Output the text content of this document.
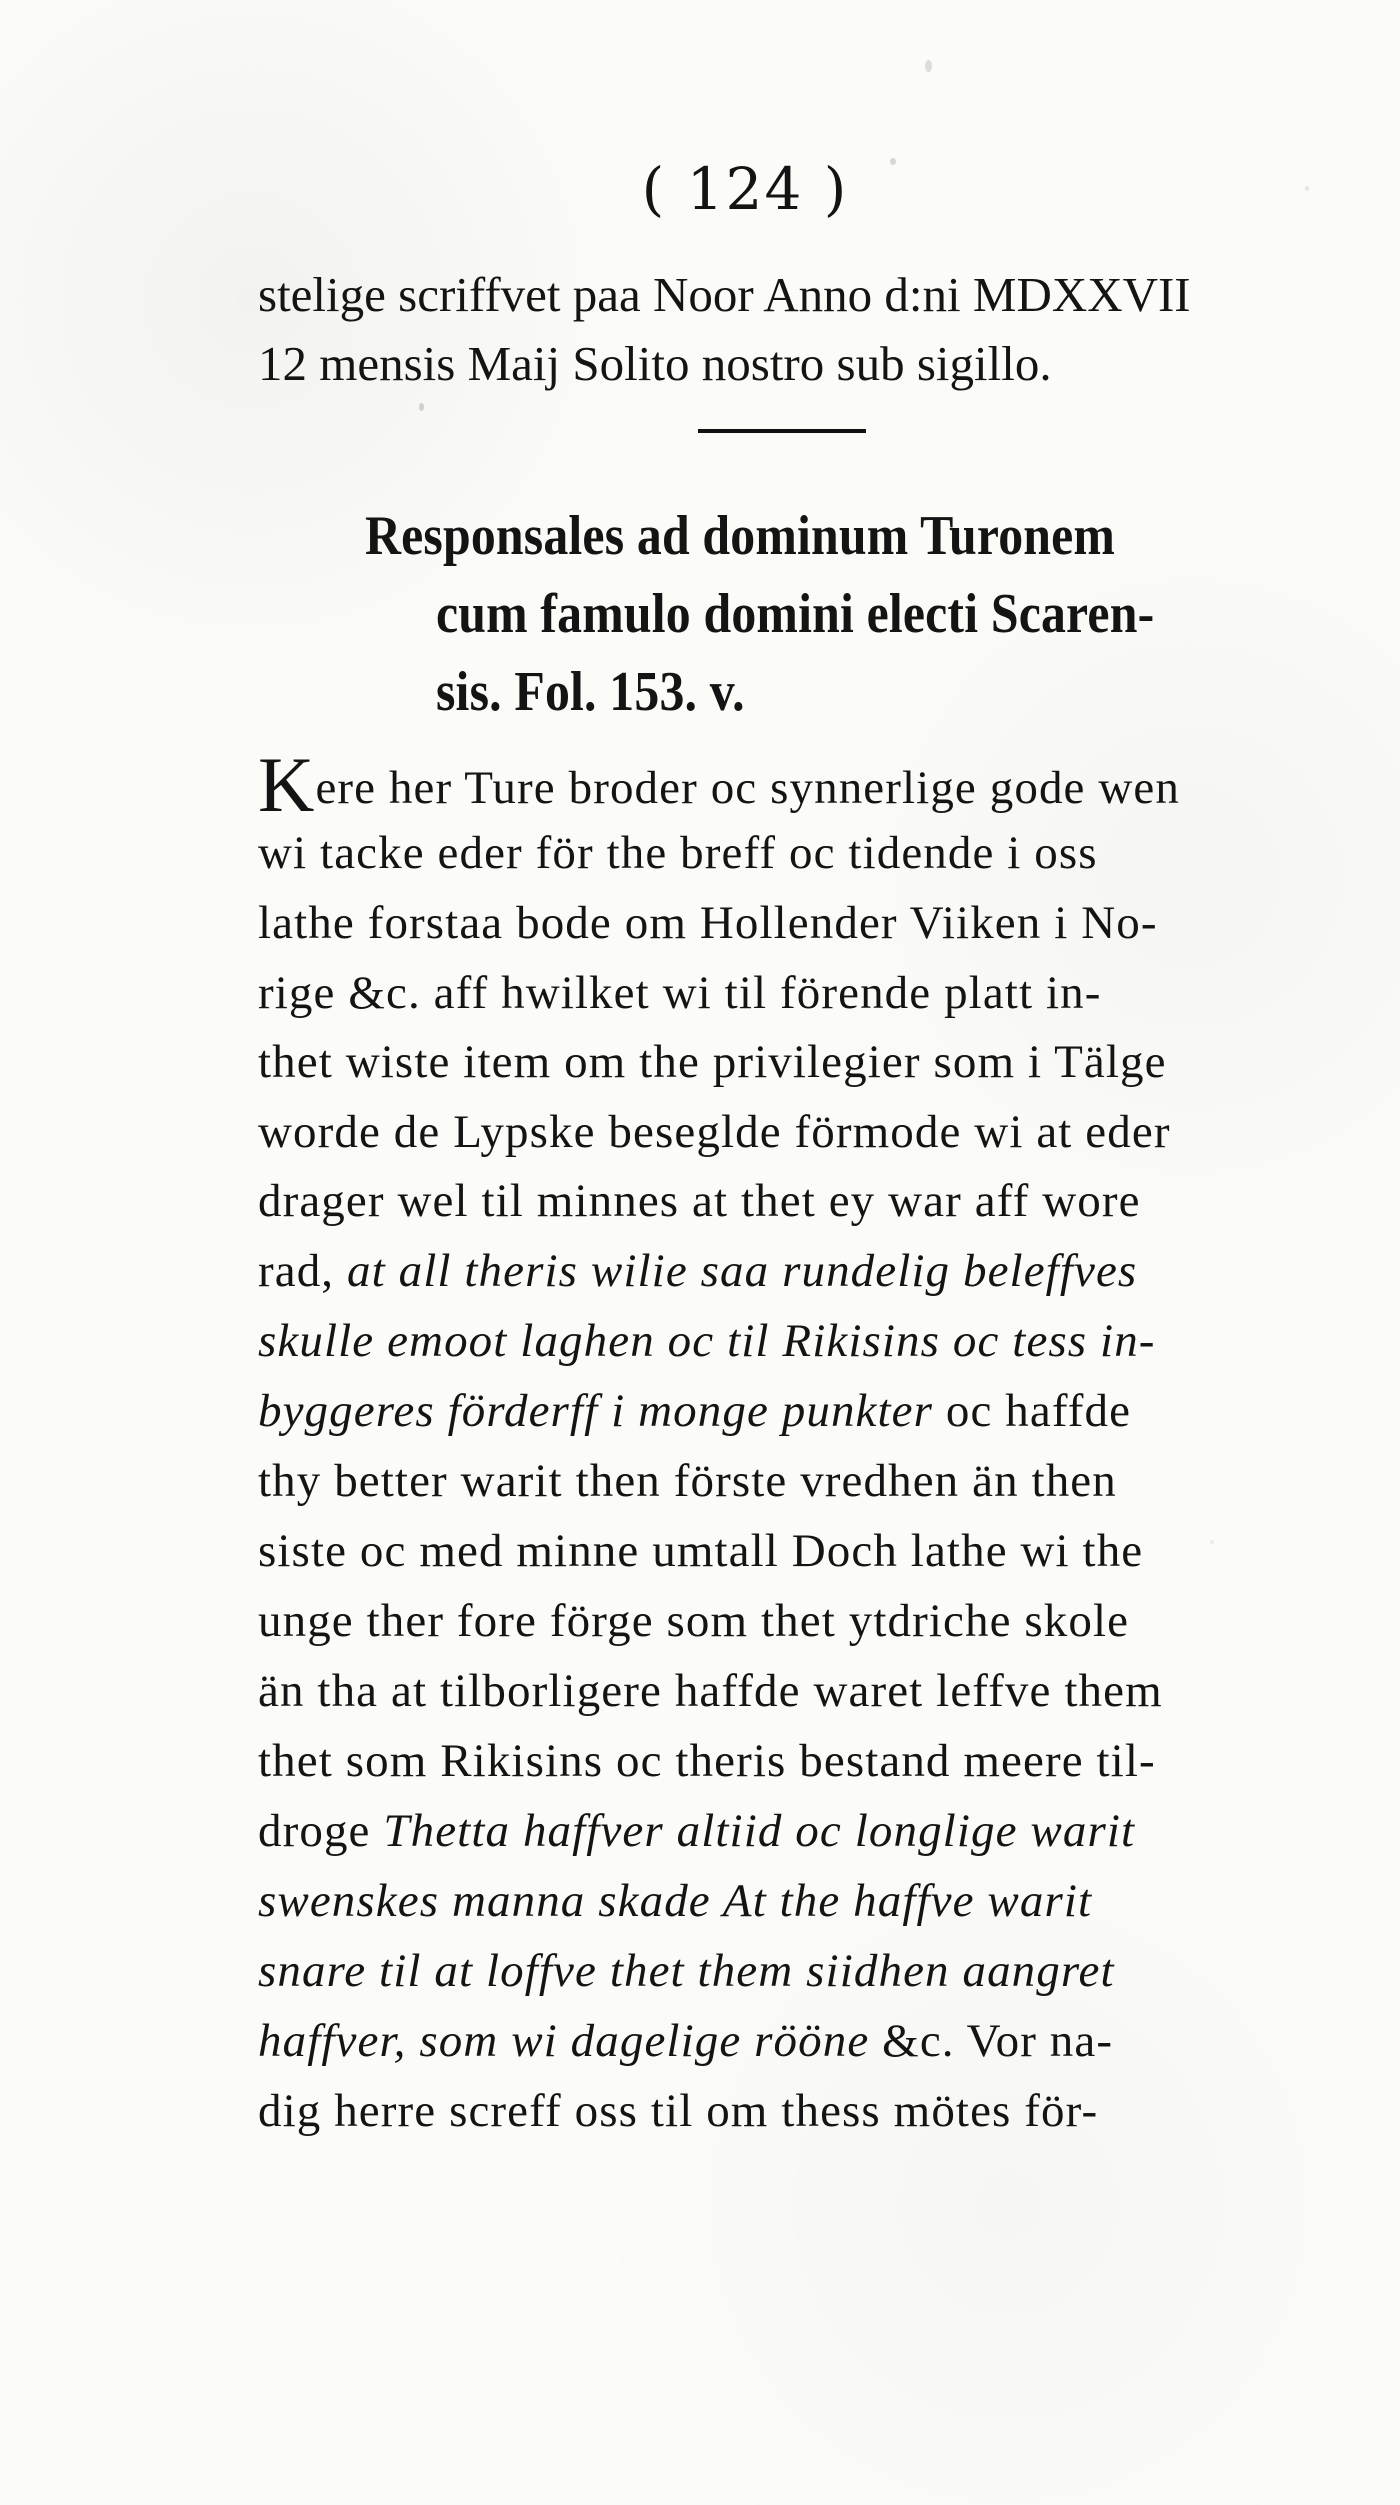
( 124 )
stelige scriffvet paa Noor Anno d:ni MDXXVII
12 mensis Maij Solito nostro sub sigillo.
Responsales ad dominum Turonem
cum famulo domini electi Scaren-
sis. Fol. 153. v.
Kere her Ture broder oc synnerlige gode wen
wi tacke eder för the breff oc tidende i oss
lathe forstaa bode om Hollender Viiken i No-
rige &c. aff hwilket wi til förende platt in-
thet wiste item om the privilegier som i Tälge
worde de Lypske beseglde förmode wi at eder
drager wel til minnes at thet ey war aff wore
rad, at all theris wilie saa rundelig beleffves
skulle emoot laghen oc til Rikisins oc tess in-
byggeres förderff i monge punkter oc haffde
thy better warit then förste vredhen än then
siste oc med minne umtall Doch lathe wi the
unge ther fore förge som thet ytdriche skole
än tha at tilborligere haffde waret leffve them
thet som Rikisins oc theris bestand meere til-
droge Thetta haffver altiid oc longlige warit
swenskes manna skade At the haffve warit
snare til at loffve thet them siidhen aangret
haffver, som wi dagelige rööne &c. Vor na-
dig herre screff oss til om thess mötes för-
